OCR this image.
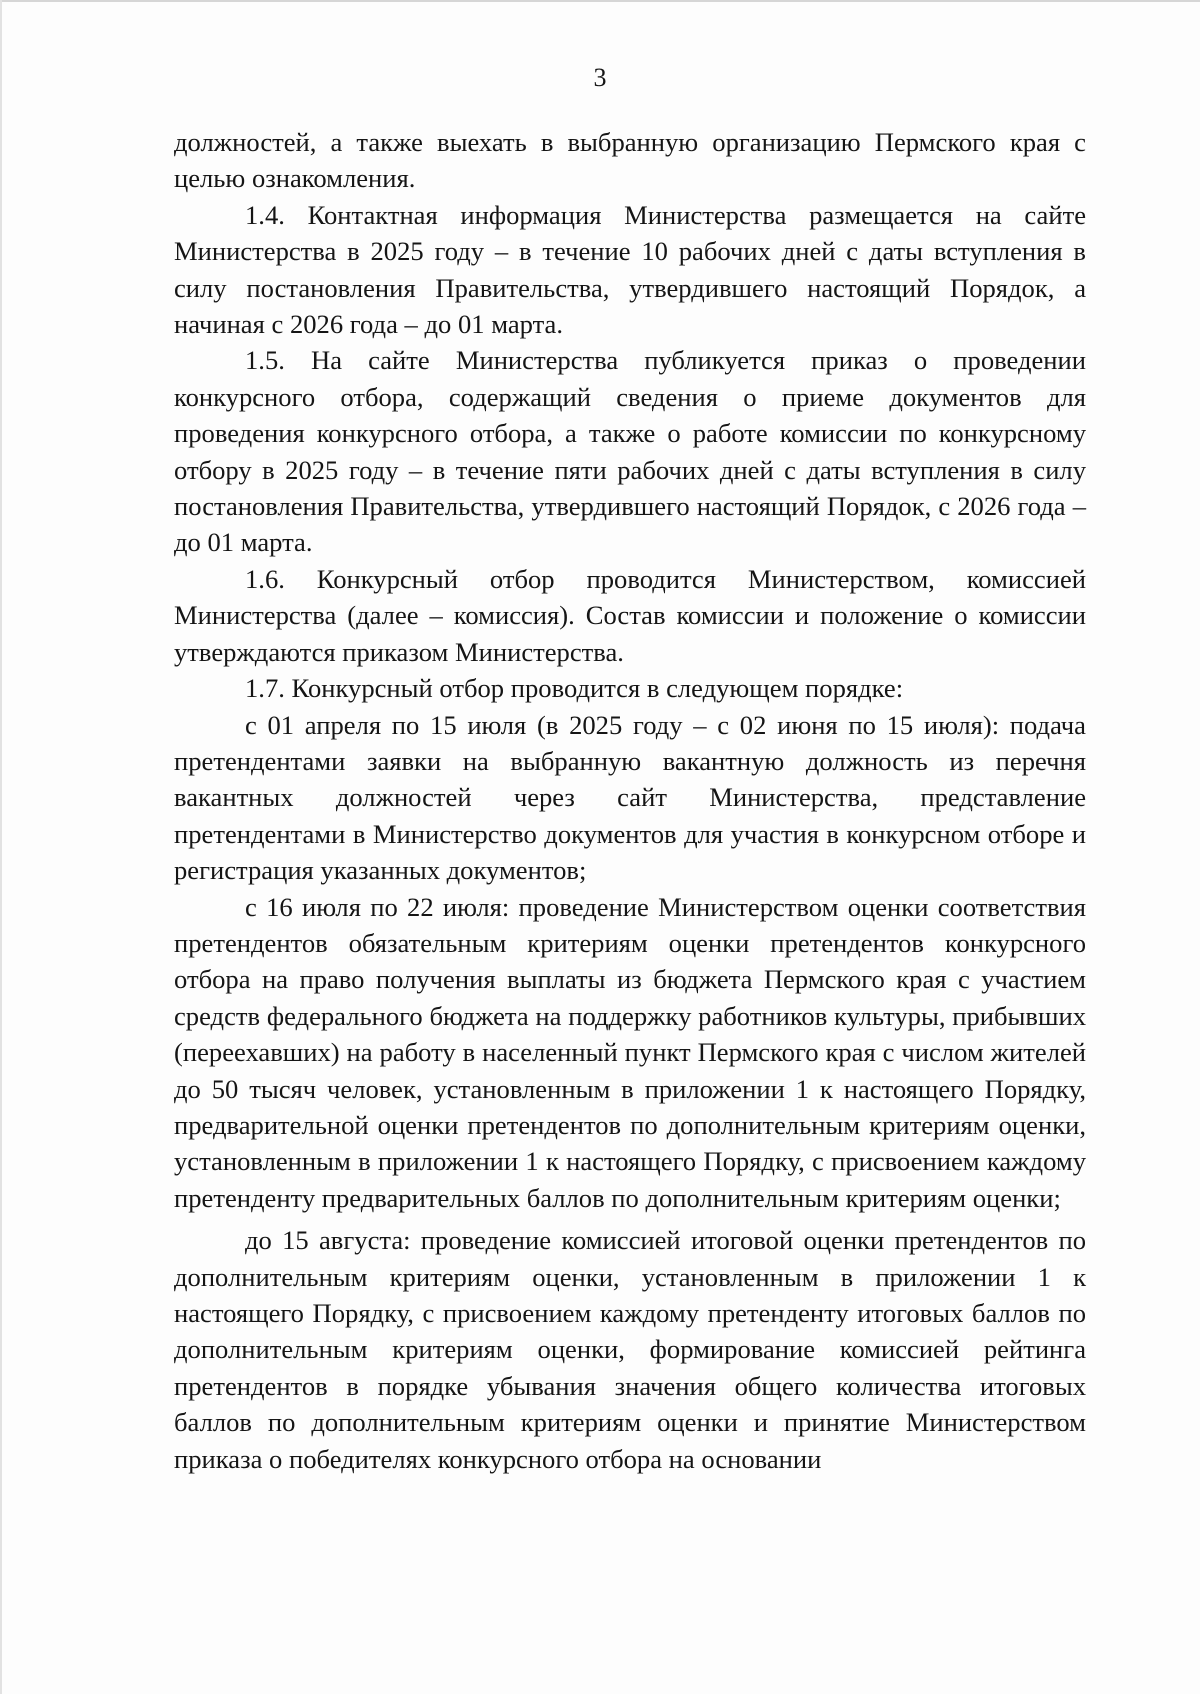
3

должностей, а также выехать в выбранную организацию Пермского края с целью ознакомления.

1.4. Контактная информация Министерства размещается на сайте Министерства в 2025 году – в течение 10 рабочих дней с даты вступления в силу постановления Правительства, утвердившего настоящий Порядок, а начиная с 2026 года – до 01 марта.

1.5. На сайте Министерства публикуется приказ о проведении конкурсного отбора, содержащий сведения о приеме документов для проведения конкурсного отбора, а также о работе комиссии по конкурсному отбору в 2025 году – в течение пяти рабочих дней с даты вступления в силу постановления Правительства, утвердившего настоящий Порядок, с 2026 года – до 01 марта.

1.6. Конкурсный отбор проводится Министерством, комиссией Министерства (далее – комиссия). Состав комиссии и положение о комиссии утверждаются приказом Министерства.

1.7. Конкурсный отбор проводится в следующем порядке:

с 01 апреля по 15 июля (в 2025 году – с 02 июня по 15 июля): подача претендентами заявки на выбранную вакантную должность из перечня вакантных должностей через сайт Министерства, представление претендентами в Министерство документов для участия в конкурсном отборе и регистрация указанных документов;

с 16 июля по 22 июля: проведение Министерством оценки соответствия претендентов обязательным критериям оценки претендентов конкурсного отбора на право получения выплаты из бюджета Пермского края с участием средств федерального бюджета на поддержку работников культуры, прибывших (переехавших) на работу в населенный пункт Пермского края с числом жителей до 50 тысяч человек, установленным в приложении 1 к настоящего Порядку, предварительной оценки претендентов по дополнительным критериям оценки, установленным в приложении 1 к настоящего Порядку, с присвоением каждому претенденту предварительных баллов по дополнительным критериям оценки;

до 15 августа: проведение комиссией итоговой оценки претендентов по дополнительным критериям оценки, установленным в приложении 1 к настоящего Порядку, с присвоением каждому претенденту итоговых баллов по дополнительным критериям оценки, формирование комиссией рейтинга претендентов в порядке убывания значения общего количества итоговых баллов по дополнительным критериям оценки и принятие Министерством приказа о победителях конкурсного отбора на основании
